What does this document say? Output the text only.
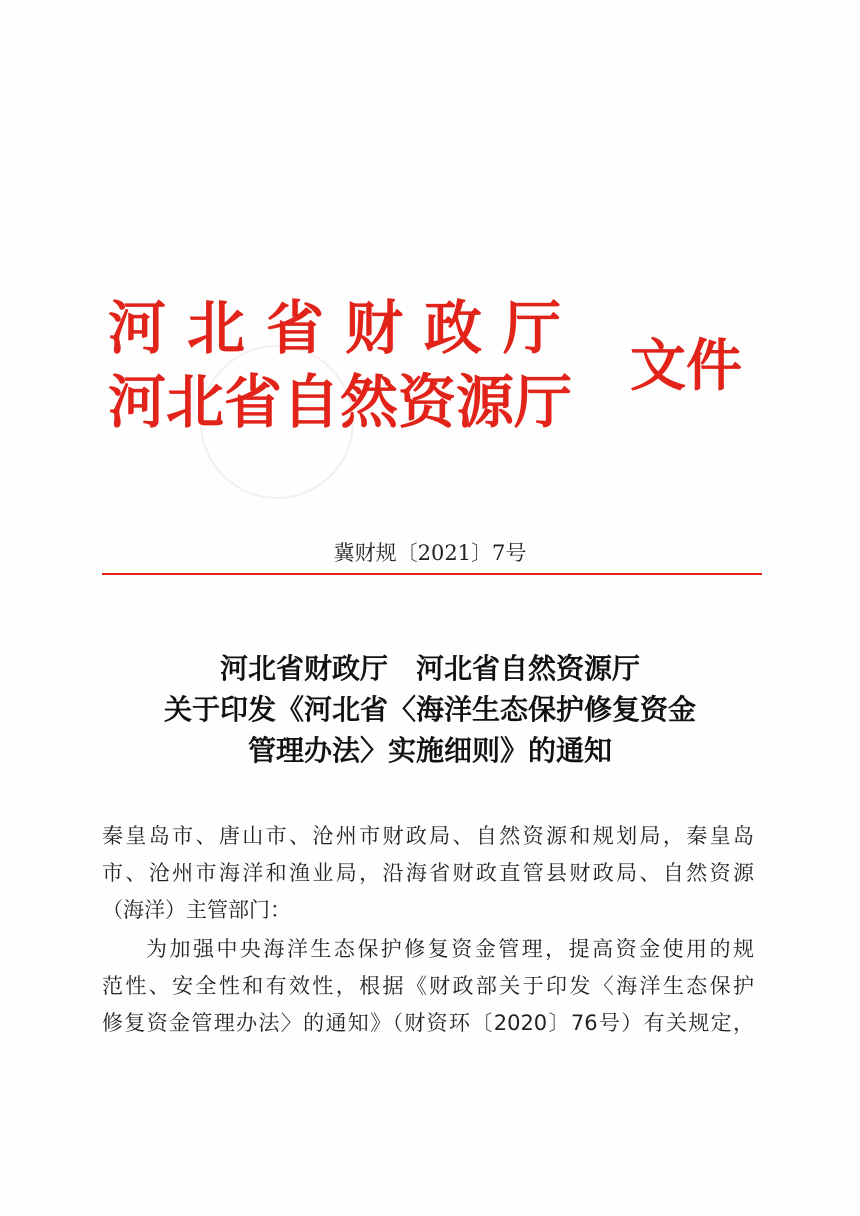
河北省财政厅
河北省自然资源厅
文件
冀财规〔2021〕7号
河北省财政厅　河北省自然资源厅
关于印发《河北省〈海洋生态保护修复资金
管理办法〉实施细则》的通知
秦皇岛市、唐山市、沧州市财政局、自然资源和规划局，秦皇岛
市、沧州市海洋和渔业局，沿海省财政直管县财政局、自然资源
（海洋）主管部门：
为加强中央海洋生态保护修复资金管理，提高资金使用的规
范性、安全性和有效性，根据《财政部关于印发〈海洋生态保护
修复资金管理办法〉的通知》（财资环〔2020〕76号）有关规定，
